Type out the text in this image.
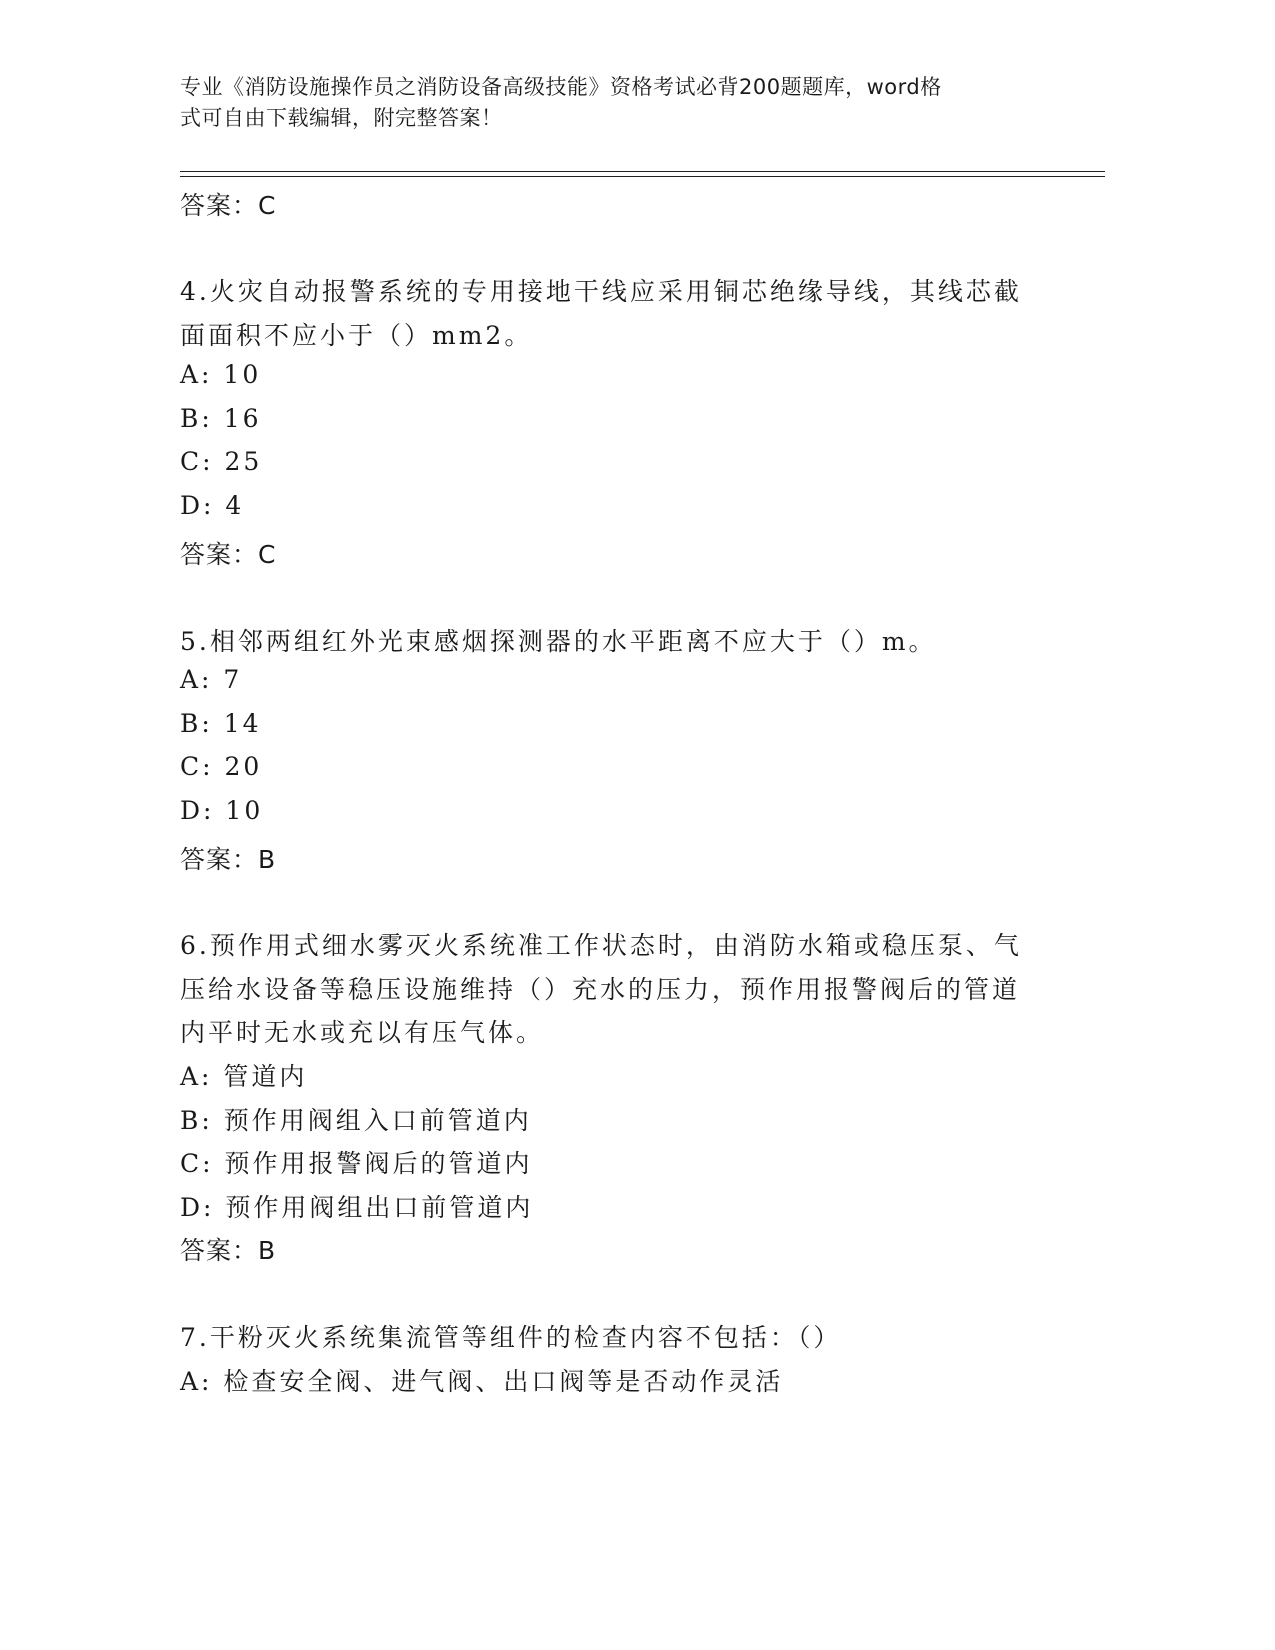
专业《消防设施操作员之消防设备高级技能》资格考试必背200题题库，word格
式可自由下载编辑，附完整答案！
答案：C
4.火灾自动报警系统的专用接地干线应采用铜芯绝缘导线，其线芯截
面面积不应小于（）mm2。
A: 10
B: 16
C: 25
D: 4
答案：C
5.相邻两组红外光束感烟探测器的水平距离不应大于（）m。
A: 7
B: 14
C: 20
D: 10
答案：B
6.预作用式细水雾灭火系统准工作状态时，由消防水箱或稳压泵、气
压给水设备等稳压设施维持（）充水的压力，预作用报警阀后的管道
内平时无水或充以有压气体。
A: 管道内
B: 预作用阀组入口前管道内
C: 预作用报警阀后的管道内
D: 预作用阀组出口前管道内
答案：B
7.干粉灭火系统集流管等组件的检查内容不包括：（）
A: 检查安全阀、进气阀、出口阀等是否动作灵活
